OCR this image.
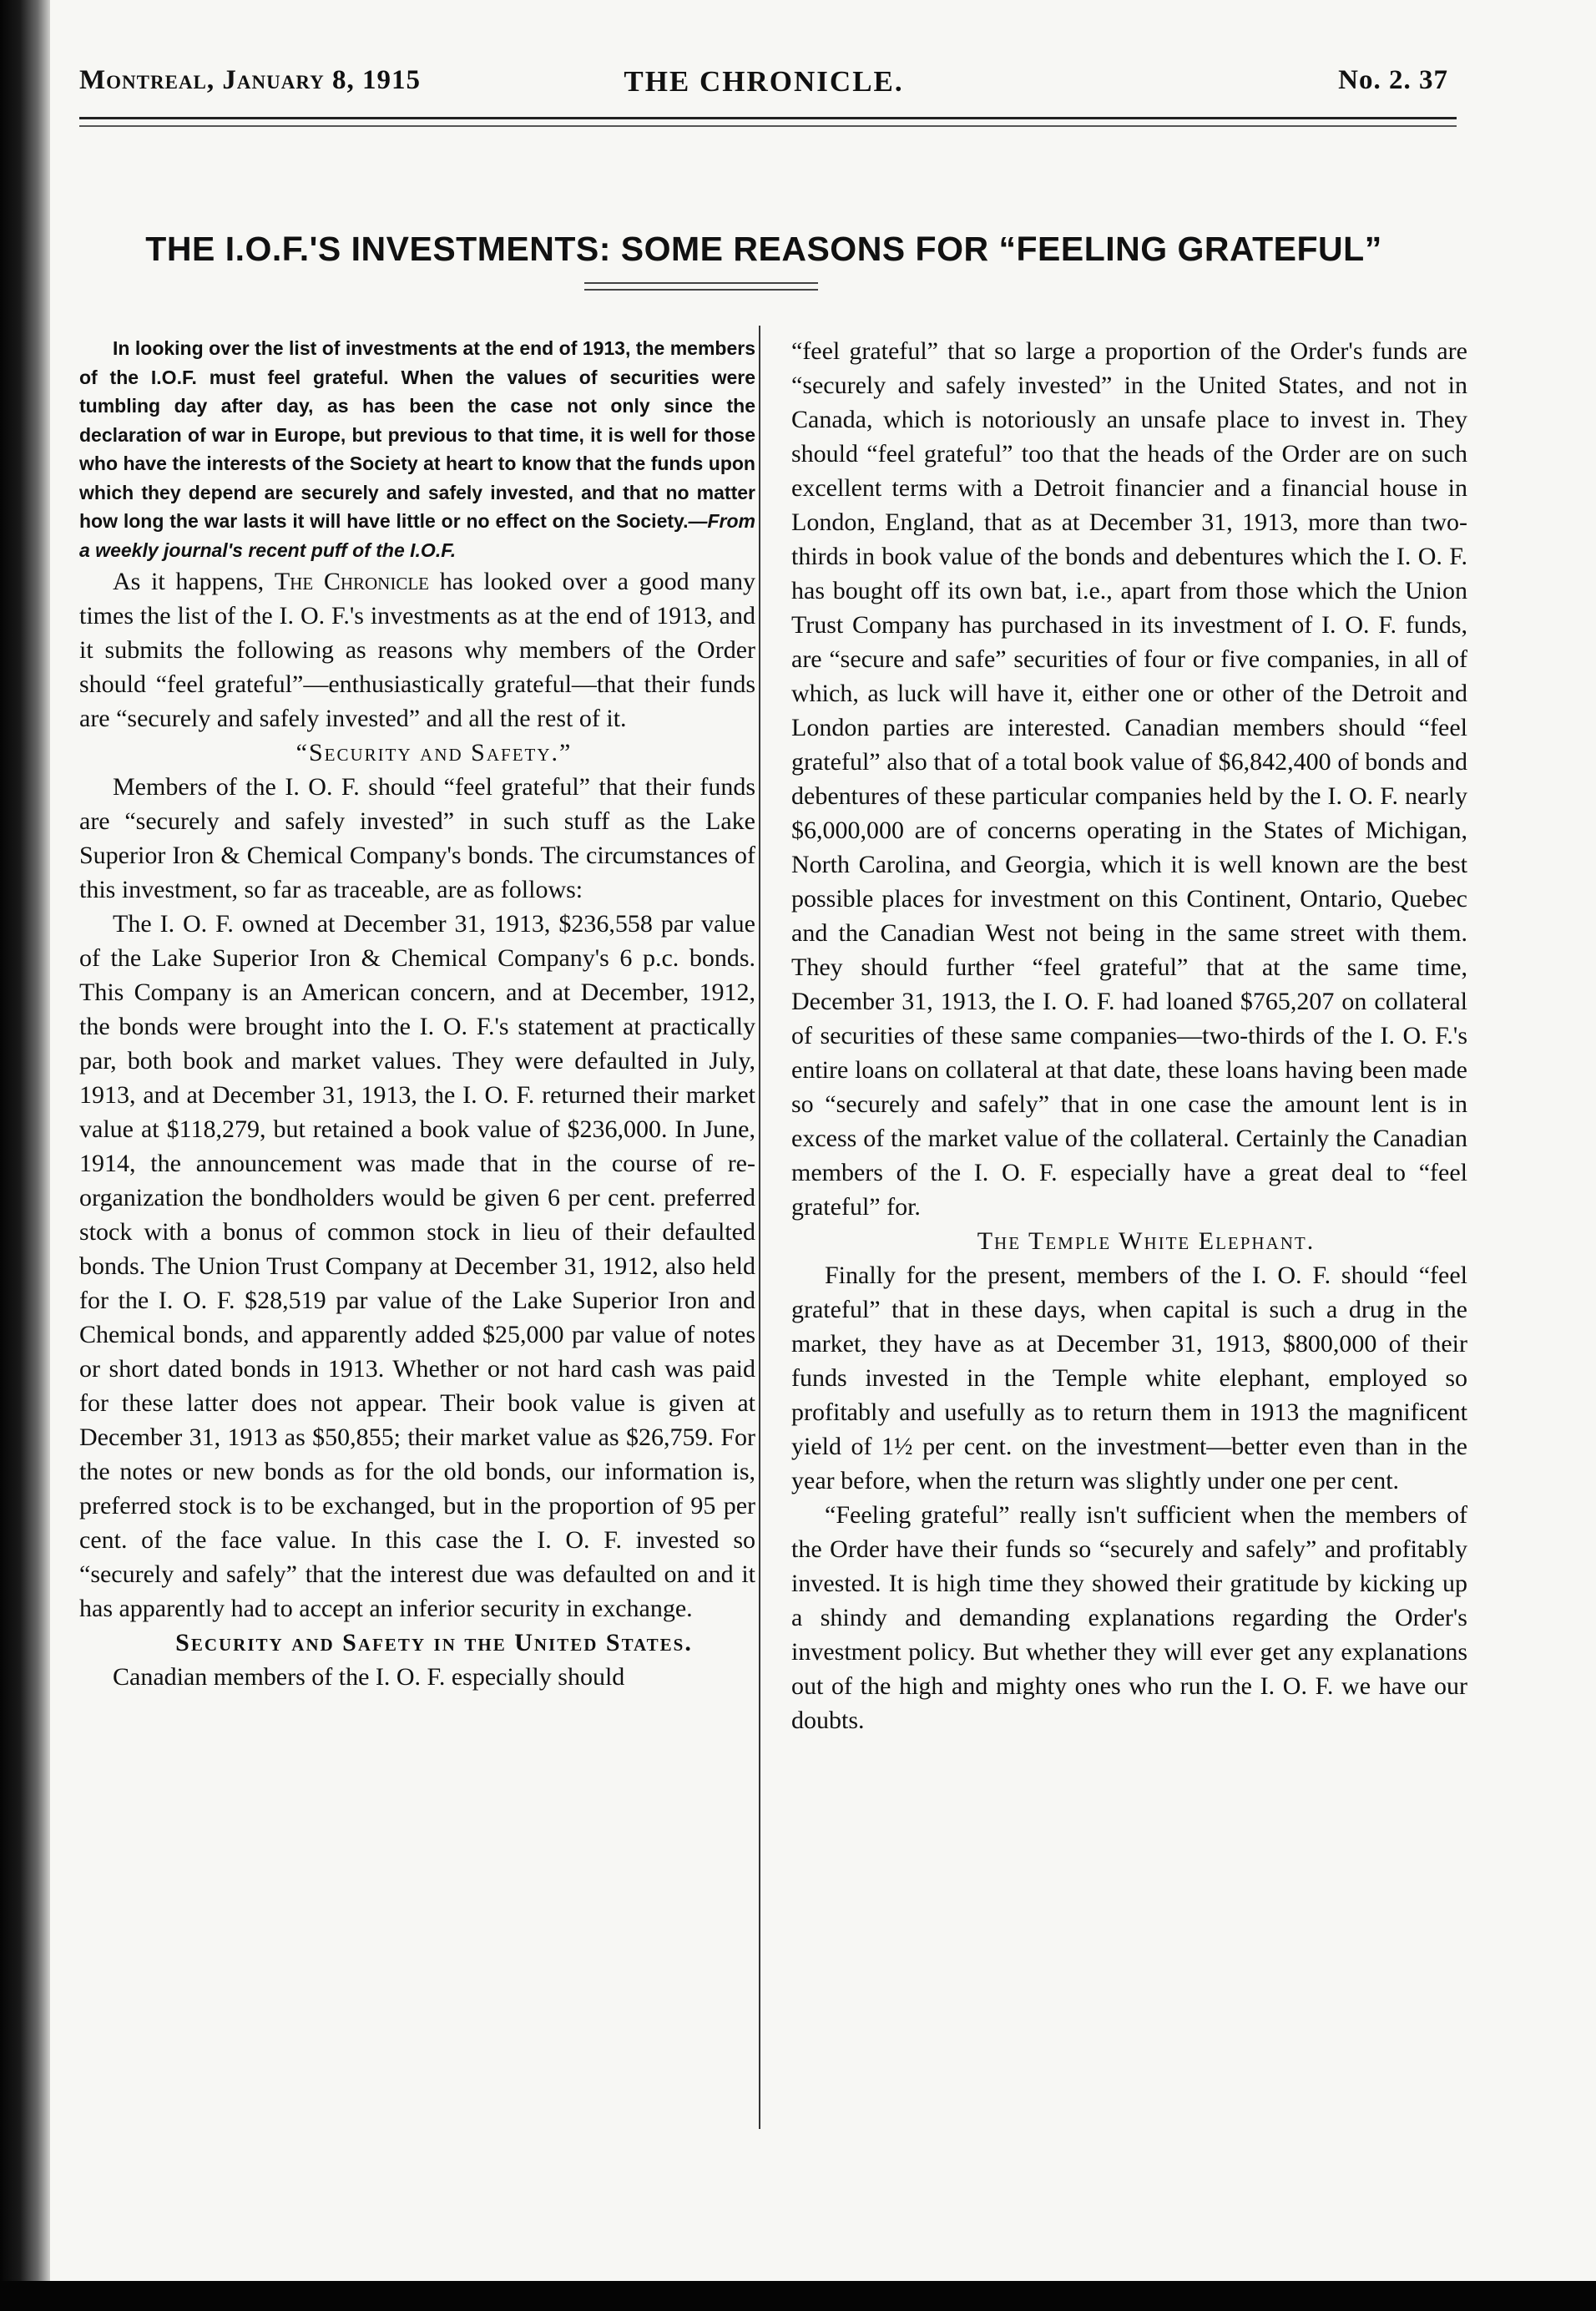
Montreal, January 8, 1915	THE CHRONICLE.	No. 2. 37
THE I.O.F.'S INVESTMENTS: SOME REASONS FOR “FEELING GRATEFUL”

In looking over the list of investments at the end of 1913, the members of the I.O.F. must feel grateful. When the values of securities were tumbling day after day, as has been the case not only since the declaration of war in Europe, but previous to that time, it is well for those who have the interests of the Society at heart to know that the funds upon which they depend are securely and safely invested, and that no matter how long the war lasts it will have little or no effect on the Society.—From a weekly journal's recent puff of the I.O.F.

As it happens, The Chronicle has looked over a good many times the list of the I. O. F.'s investments as at the end of 1913, and it submits the following as reasons why members of the Order should “feel grateful”—enthusiastically grateful—that their funds are “securely and safely invested” and all the rest of it.

“Security and Safety.”

Members of the I. O. F. should “feel grateful” that their funds are “securely and safely invested” in such stuff as the Lake Superior Iron & Chemical Company's bonds. The circumstances of this investment, so far as traceable, are as follows:

The I. O. F. owned at December 31, 1913, $236,558 par value of the Lake Superior Iron & Chemical Company's 6 p.c. bonds. This Company is an American concern, and at December, 1912, the bonds were brought into the I. O. F.'s statement at practically par, both book and market values. They were defaulted in July, 1913, and at December 31, 1913, the I. O. F. returned their market value at $118,279, but retained a book value of $236,000. In June, 1914, the announcement was made that in the course of re-organization the bondholders would be given 6 per cent. preferred stock with a bonus of common stock in lieu of their defaulted bonds. The Union Trust Company at December 31, 1912, also held for the I. O. F. $28,519 par value of the Lake Superior Iron and Chemical bonds, and apparently added $25,000 par value of notes or short dated bonds in 1913. Whether or not hard cash was paid for these latter does not appear. Their book value is given at December 31, 1913 as $50,855; their market value as $26,759. For the notes or new bonds as for the old bonds, our information is, preferred stock is to be exchanged, but in the proportion of 95 per cent. of the face value. In this case the I. O. F. invested so “securely and safely” that the interest due was defaulted on and it has apparently had to accept an inferior security in exchange.

Security and Safety in the United States.

Canadian members of the I. O. F. especially should

“feel grateful” that so large a proportion of the Order's funds are “securely and safely invested” in the United States, and not in Canada, which is notoriously an unsafe place to invest in. They should “feel grateful” too that the heads of the Order are on such excellent terms with a Detroit financier and a financial house in London, England, that as at December 31, 1913, more than two-thirds in book value of the bonds and debentures which the I. O. F. has bought off its own bat, i.e., apart from those which the Union Trust Company has purchased in its investment of I. O. F. funds, are “secure and safe” securities of four or five companies, in all of which, as luck will have it, either one or other of the Detroit and London parties are interested. Canadian members should “feel grateful” also that of a total book value of $6,842,400 of bonds and debentures of these particular companies held by the I. O. F. nearly $6,000,000 are of concerns operating in the States of Michigan, North Carolina, and Georgia, which it is well known are the best possible places for investment on this Continent, Ontario, Quebec and the Canadian West not being in the same street with them. They should further “feel grateful” that at the same time, December 31, 1913, the I. O. F. had loaned $765,207 on collateral of securities of these same companies—two-thirds of the I. O. F.'s entire loans on collateral at that date, these loans having been made so “securely and safely” that in one case the amount lent is in excess of the market value of the collateral. Certainly the Canadian members of the I. O. F. especially have a great deal to “feel grateful” for.

The Temple White Elephant.

Finally for the present, members of the I. O. F. should “feel grateful” that in these days, when capital is such a drug in the market, they have as at December 31, 1913, $800,000 of their funds invested in the Temple white elephant, employed so profitably and usefully as to return them in 1913 the magnificent yield of 1½ per cent. on the investment—better even than in the year before, when the return was slightly under one per cent.

“Feeling grateful” really isn't sufficient when the members of the Order have their funds so “securely and safely” and profitably invested. It is high time they showed their gratitude by kicking up a shindy and demanding explanations regarding the Order's investment policy. But whether they will ever get any explanations out of the high and mighty ones who run the I. O. F. we have our doubts.
